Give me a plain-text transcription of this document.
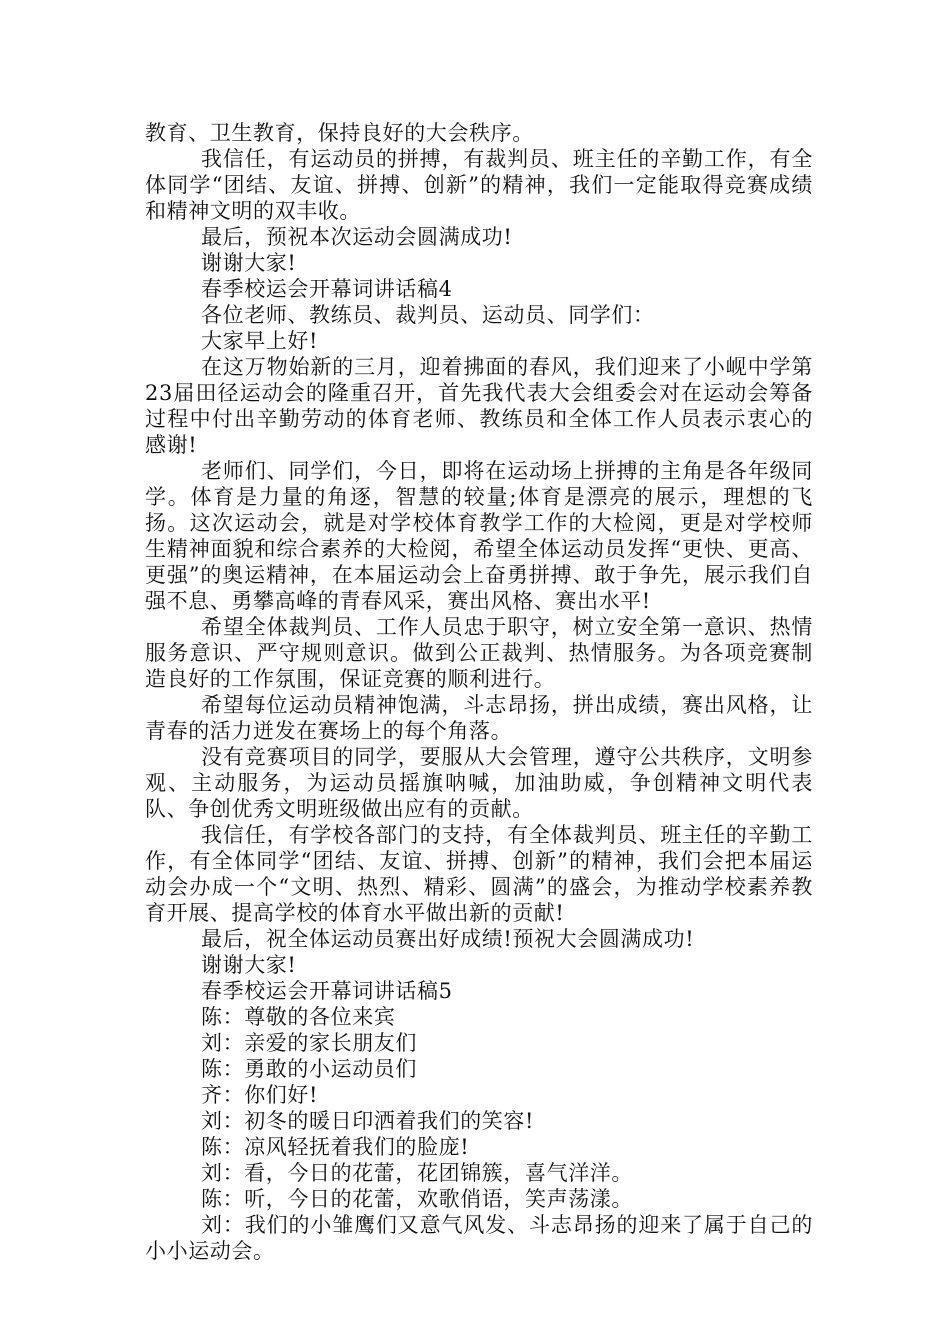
教育、卫生教育，保持良好的大会秩序。

我信任，有运动员的拼搏，有裁判员、班主任的辛勤工作，有全体同学“团结、友谊、拼搏、创新”的精神，我们一定能取得竞赛成绩和精神文明的双丰收。

最后，预祝本次运动会圆满成功!

谢谢大家!

春季校运会开幕词讲话稿4

各位老师、教练员、裁判员、运动员、同学们：

大家早上好!

在这万物始新的三月，迎着拂面的春风，我们迎来了小岘中学第23届田径运动会的隆重召开，首先我代表大会组委会对在运动会筹备过程中付出辛勤劳动的体育老师、教练员和全体工作人员表示衷心的感谢!

老师们、同学们，今日，即将在运动场上拼搏的主角是各年级同学。体育是力量的角逐，智慧的较量;体育是漂亮的展示，理想的飞扬。这次运动会，就是对学校体育教学工作的大检阅，更是对学校师生精神面貌和综合素养的大检阅，希望全体运动员发挥“更快、更高、更强”的奥运精神，在本届运动会上奋勇拼搏、敢于争先，展示我们自强不息、勇攀高峰的青春风采，赛出风格、赛出水平!

希望全体裁判员、工作人员忠于职守，树立安全第一意识、热情服务意识、严守规则意识。做到公正裁判、热情服务。为各项竞赛制造良好的工作氛围，保证竞赛的顺利进行。

希望每位运动员精神饱满，斗志昂扬，拼出成绩，赛出风格，让青春的活力迸发在赛场上的每个角落。

没有竞赛项目的同学，要服从大会管理，遵守公共秩序，文明参观、主动服务，为运动员摇旗呐喊，加油助威，争创精神文明代表队、争创优秀文明班级做出应有的贡献。

我信任，有学校各部门的支持，有全体裁判员、班主任的辛勤工作，有全体同学“团结、友谊、拼搏、创新”的精神，我们会把本届运动会办成一个“文明、热烈、精彩、圆满”的盛会，为推动学校素养教育开展、提高学校的体育水平做出新的贡献!

最后，祝全体运动员赛出好成绩!预祝大会圆满成功!

谢谢大家!

春季校运会开幕词讲话稿5

陈：尊敬的各位来宾

刘：亲爱的家长朋友们

陈：勇敢的小运动员们

齐：你们好!

刘：初冬的暖日印洒着我们的笑容!

陈：凉风轻抚着我们的脸庞!

刘：看，今日的花蕾，花团锦簇，喜气洋洋。

陈：听，今日的花蕾，欢歌俏语，笑声荡漾。

刘：我们的小雏鹰们又意气风发、斗志昂扬的迎来了属于自己的小小运动会。
